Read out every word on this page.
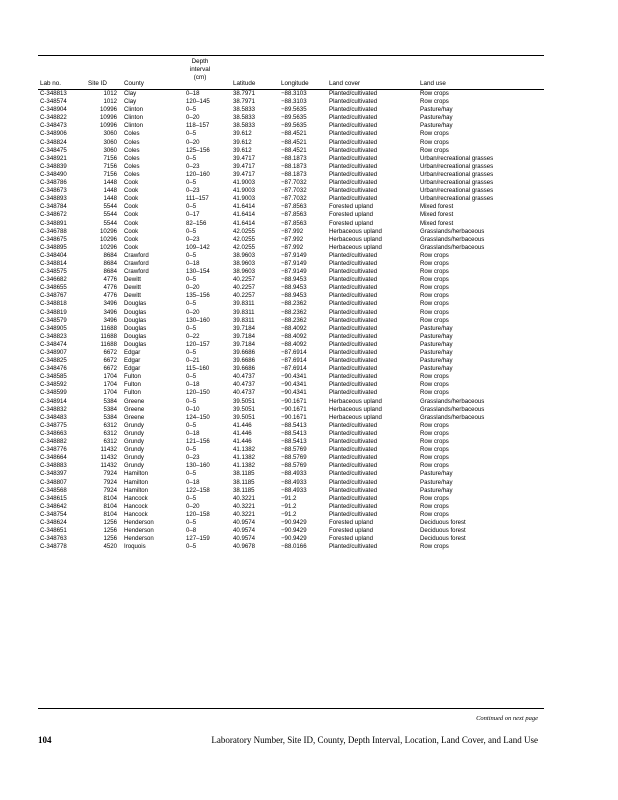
Lab no.	Site ID	County
Depth
interval
(cm)
Latitude	Longitude	Land cover	Land use
C-348813	1012 Clay	0–18	38.7971	−88.3103	Planted/cultivated	Row crops
C-348574	1012 Clay	120–145	38.7971	−88.3103	Planted/cultivated	Row crops
C-348904	10996 Clinton	0–5	38.5833	−89.5635	Planted/cultivated	Pasture/hay
C-348822	10996 Clinton	0–20	38.5833	−89.5635	Planted/cultivated	Pasture/hay
C-348473	10996 Clinton	118–157	38.5833	−89.5635	Planted/cultivated	Pasture/hay
C-348906	3060 Coles	0–5	39.612	−88.4521	Planted/cultivated	Row crops
C-348824	3060 Coles	0–20	39.612	−88.4521	Planted/cultivated	Row crops
C-348475	3060 Coles	125–156	39.612	−88.4521	Planted/cultivated	Row crops
C-348921	7156 Coles	0–5	39.4717	−88.1873	Planted/cultivated	Urban/recreational grasses
C-348839	7156 Coles	0–23	39.4717	−88.1873	Planted/cultivated	Urban/recreational grasses
C-348490	7156 Coles	120–160	39.4717	−88.1873	Planted/cultivated	Urban/recreational grasses
C-348786	1448 Cook	0–5	41.9003	−87.7032	Planted/cultivated	Urban/recreational grasses
C-348673	1448 Cook	0–23	41.9003	−87.7032	Planted/cultivated	Urban/recreational grasses
C-348893	1448 Cook	111–157	41.9003	−87.7032	Planted/cultivated	Urban/recreational grasses
C-348784	5544 Cook	0–5	41.6414	−87.8563	Forested upland	Mixed forest
C-348672	5544 Cook	0–17	41.6414	−87.8563	Forested upland	Mixed forest
C-348891	5544 Cook	82–156	41.6414	−87.8563	Forested upland	Mixed forest
C-346788	10296 Cook	0–5	42.0255	−87.992	Herbaceous upland	Grasslands/herbaceous
C-348675	10296 Cook	0–23	42.0255	−87.992	Herbaceous upland	Grasslands/herbaceous
C-348895	10296 Cook	109–142	42.0255	−87.992	Herbaceous upland	Grasslands/herbaceous
C-348404	8684 Crawford	0–5	38.9603	−87.9149	Planted/cultivated	Row crops
C-348814	8684 Crawford	0–18	38.9603	−87.9149	Planted/cultivated	Row crops
C-348575	8684 Crawford	130–154	38.9603	−87.9149	Planted/cultivated	Row crops
C-346682	4776 Dewitt	0–5	40.2257	−88.9453	Planted/cultivated	Row crops
C-348655	4776 Dewitt	0–20	40.2257	−88.9453	Planted/cultivated	Row crops
C-348767	4776 Dewitt	135–156	40.2257	−88.9453	Planted/cultivated	Row crops
C-348818	3496 Douglas	0–5	39.8311	−88.2362	Planted/cultivated	Row crops
C-348819	3496 Douglas	0–20	39.8311	−88.2362	Planted/cultivated	Row crops
C-348579	3496 Douglas	130–160	39.8311	−88.2362	Planted/cultivated	Row crops
C-348905	11688 Douglas	0–5	39.7184	−88.4092	Planted/cultivated	Pasture/hay
C-348823	11688 Douglas	0–22	39.7184	−88.4092	Planted/cultivated	Pasture/hay
C-348474	11688 Douglas	120–157	39.7184	−88.4092	Planted/cultivated	Pasture/hay
C-348907	6672 Edgar	0–5	39.6686	−87.6914	Planted/cultivated	Pasture/hay
C-348825	6672 Edgar	0–21	39.6686	−87.6914	Planted/cultivated	Pasture/hay
C-348476	6672 Edgar	115–160	39.6686	−87.6914	Planted/cultivated	Pasture/hay
C-348585	1704 Fulton	0–5	40.4737	−90.4341	Planted/cultivated	Row crops
C-348592	1704 Fulton	0–18	40.4737	−90.4341	Planted/cultivated	Row crops
C-348599	1704 Fulton	120–150	40.4737	−90.4341	Planted/cultivated	Row crops
C-348914	5384 Greene	0–5	39.5051	−90.1671	Herbaceous upland	Grasslands/herbaceous
C-348832	5384 Greene	0–10	39.5051	−90.1671	Herbaceous upland	Grasslands/herbaceous
C-348483	5384 Greene	124–150	39.5051	−90.1671	Herbaceous upland	Grasslands/herbaceous
C-348775	6312 Grundy	0–5	41.446	−88.5413	Planted/cultivated	Row crops
C-348663	6312 Grundy	0–18	41.446	−88.5413	Planted/cultivated	Row crops
C-348882	6312 Grundy	121–156	41.446	−88.5413	Planted/cultivated	Row crops
C-348776	11432 Grundy	0–5	41.1382	−88.5769	Planted/cultivated	Row crops
C-348664	11432 Grundy	0–23	41.1382	−88.5769	Planted/cultivated	Row crops
C-348883	11432 Grundy	130–160	41.1382	−88.5769	Planted/cultivated	Row crops
C-348397	7924 Hamilton	0–5	38.1185	−88.4933	Planted/cultivated	Pasture/hay
C-348807	7924 Hamilton	0–18	38.1185	−88.4933	Planted/cultivated	Pasture/hay
C-348568	7924 Hamilton	122–158	38.1185	−88.4933	Planted/cultivated	Pasture/hay
C-348615	8104 Hancock	0–5	40.3221	−91.2	Planted/cultivated	Row crops
C-348642	8104 Hancock	0–20	40.3221	−91.2	Planted/cultivated	Row crops
C-348754	8104 Hancock	120–158	40.3221	−91.2	Planted/cultivated	Row crops
C-348624	1256 Henderson	0–5	40.9574	−90.9429	Forested upland	Deciduous forest
C-348651	1256 Henderson	0–8	40.9574	−90.9429	Forested upland	Deciduous forest
C-348763	1256 Henderson	127–159	40.9574	−90.9429	Forested upland	Deciduous forest
C-348778	4520 Iroquois	0–5	40.9678	−88.0166	Planted/cultivated	Row crops
Continued on next page
104	Laboratory Number, Site ID, County, Depth Interval, Location, Land Cover, and Land Use
